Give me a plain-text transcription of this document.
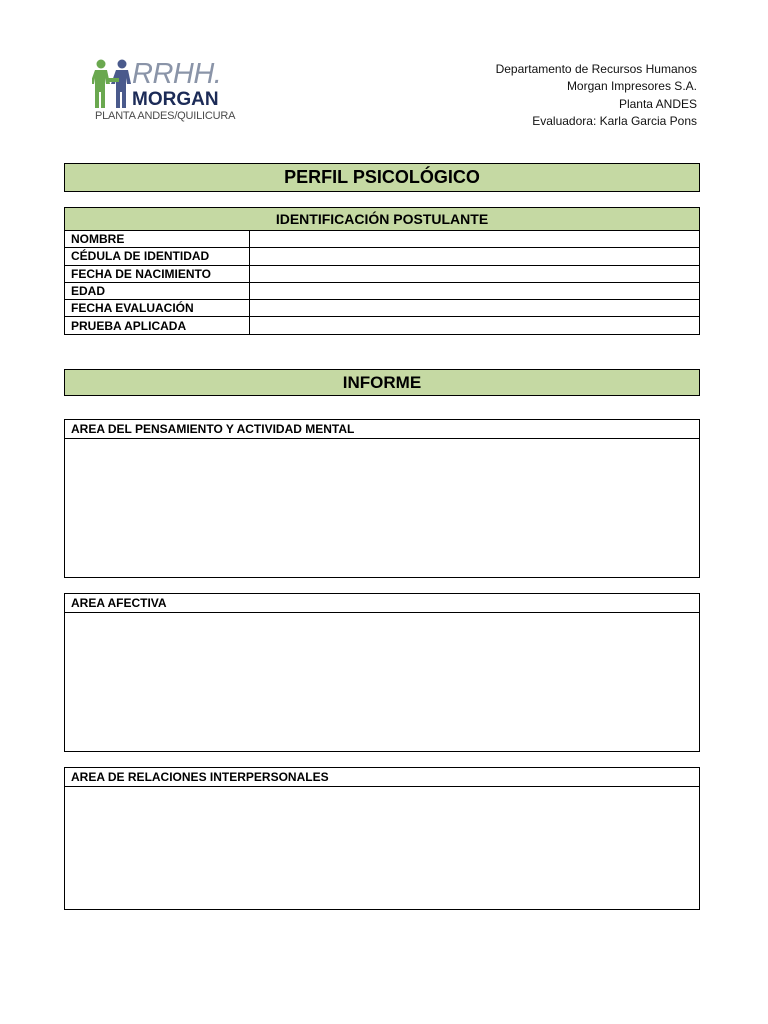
RRHH.
MORGAN
PLANTA ANDES/QUILICURA
Departamento de Recursos Humanos
Morgan Impresores S.A.
Planta ANDES
Evaluadora: Karla Garcia Pons
PERFIL PSICOLÓGICO
IDENTIFICACIÓN POSTULANTE
NOMBRE	
CÉDULA DE IDENTIDAD	
FECHA DE NACIMIENTO	
EDAD	
FECHA EVALUACIÓN	
PRUEBA APLICADA	
INFORME
AREA DEL PENSAMIENTO Y ACTIVIDAD MENTAL
AREA AFECTIVA
AREA DE RELACIONES INTERPERSONALES
